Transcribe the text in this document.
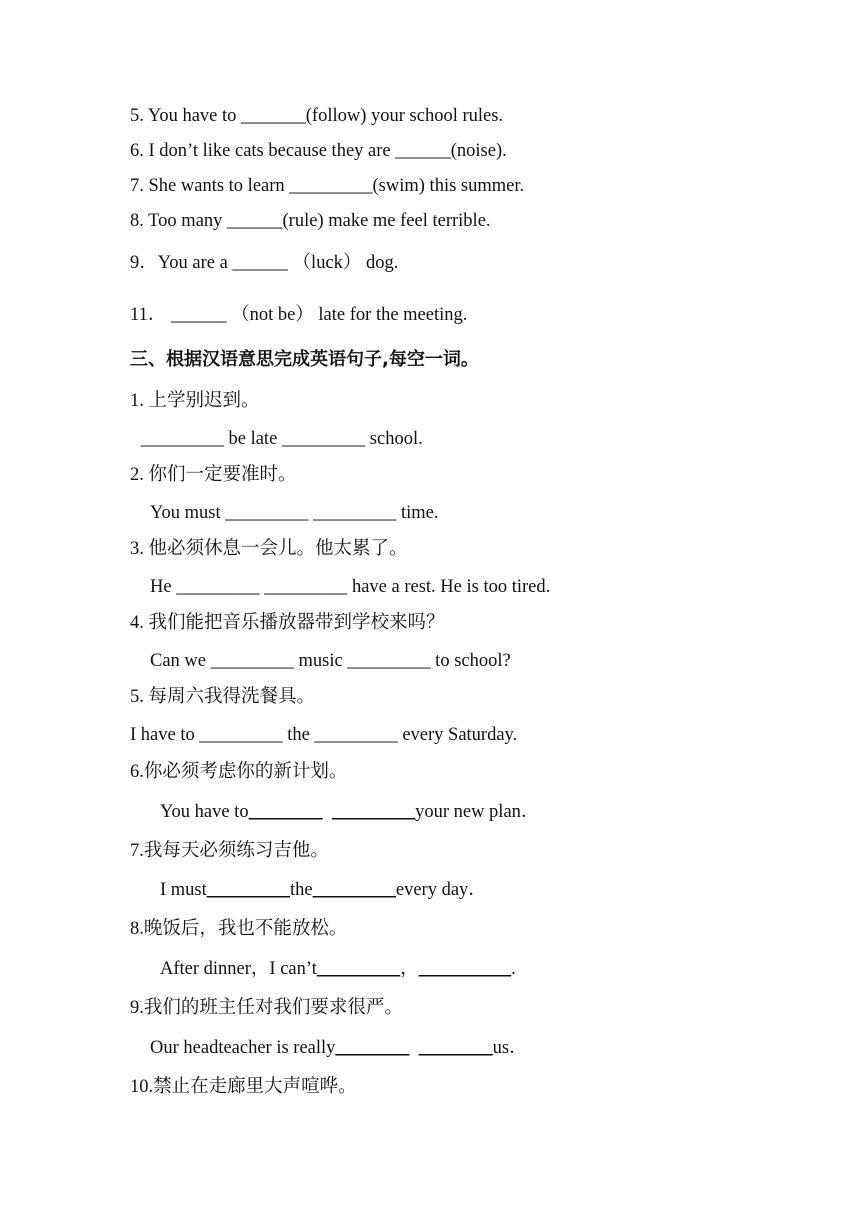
5. You have to _______(follow) your school rules.

6. I don’t like cats because they are ______(noise).

7. She wants to learn _________(swim) this summer.

8. Too many ______(rule) make me feel terrible.

9．You are a ______ （luck） dog.

11． ______ （not be） late for the meeting.

三、根据汉语意思完成英语句子,每空一词。

1. 上学别迟到。

_________ be late _________ school.

2. 你们一定要准时。

You must _________ _________ time.

3. 他必须休息一会儿。他太累了。

He _________ _________ have a rest. He is too tired.

4. 我们能把音乐播放器带到学校来吗？

Can we _________ music _________ to school?

5. 每周六我得洗餐具。

I have to _________ the _________ every Saturday.

6.你必须考虑你的新计划。

You have to________ _________your new plan．

7.我每天必须练习吉他。

I must_________the_________every day．

8.晚饭后，我也不能放松。

After dinner，I can’t_________，__________.

9.我们的班主任对我们要求很严。

Our headteacher is really________ ________us．

10.禁止在走廊里大声喧哗。
